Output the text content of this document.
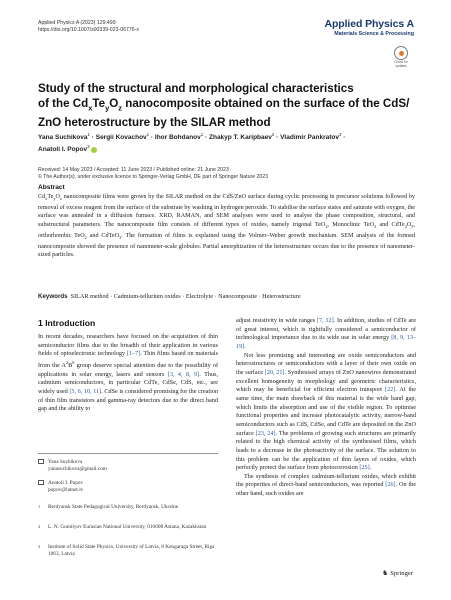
Applied Physics A (2023) 129:499
https://doi.org/10.1007/s00339-023-06776-x	Applied Physics A
Materials Science & Processing
Check for
updates
Study of the structural and morphological characteristics
of the $Cd_xTe_yO_z$ nanocomposite obtained on the surface of the CdS/
ZnO heterostructure by the SILAR method
Yana Suchikova$^1$ · Sergii Kovachov$^1$ · Ihor Bohdanov$^1$ · Zhakyp T. Karipbaev$^2$ · Vladimir Pankratov$^3$ ·
Anatoli I. Popov$^3$
Received: 14 May 2023 / Accepted: 11 June 2023 / Published online: 21 June 2023
© The Author(s), under exclusive licence to Springer-Verlag GmbH, DE part of Springer Nature 2023
Abstract
$Cd_xTe_yO_z$ nanocomposite films were grown by the SILAR method on the CdS/ZnO surface during cyclic processing in precursor solutions followed by removal of excess reagent from the surface of the substrate by washing in hydrogen peroxide. To stabilise the surface states and saturate with oxygen, the surface was annealed in a diffusion furnace. XRD, RAMAN, and SEM analyses were used to analyse the phase composition, structural, and substructural parameters. The nanocomposite film consists of different types of oxides, namely trigonal TeO$_2$, Monoclinic TeO$_3$ and $CdTe_2O_5$, orthorhombic TeO$_2$ and CdTeO$_3$. The formation of films is explained using the Volmer–Weber growth mechanism. SEM analysis of the formed nanocomposite showed the presence of nanometer-scale globules. Partial amorphization of the heterostructure occurs due to the presence of nanometer-sized particles.
Keywords SILAR method · Cadmium-tellurium oxides · Electrolyte · Nanocomposite · Heterostructure
1 Introduction

In recent decades, researchers have focused on the acquisition of thin semiconductor films due to the breadth of their application in various fields of optoelectronic technology [1–7]. Thin films based on materials from the $A^2B^6$ group deserve special attention due to the possibility of applications in solar energy, lasers and sensors [3, 4, 8, 9]. Thus, cadmium semiconductors, in particular CdTe, CdSe, CdS, etc., are widely used [5, 6, 10, 11]. CdSe is considered promising for the creation of thin film transistors and gamma-ray detectors due to the direct band gap and the ability to

Yana Suchikova
yanasuchikova@gmail.com
Anatoli I. Popov
popov@latnet.lv
1 Berdyansk State Pedagogical University, Berdyansk, Ukraine
2 L. N. Gumilyov Eurasian National University, 010008 Astana, Kazakhstan
3 Institute of Solid State Physics, University of Latvia, 8 Kengaraga Street, Riga 1063, Latvia

adjust resistivity in wide ranges [7, 12]. In addition, studies of CdTe are of great interest, which is rightfully considered a semiconductor of technological importance due to its wide use in solar energy [8, 9, 13–19].

Not less promising and interesting are oxide semiconductors and heterostructures or semiconductors with a layer of their own oxide on the surface [20, 21]. Synthesised arrays of ZnO nanowires demonstrated excellent homogeneity in morphology and geometric characteristics, which may be beneficial for efficient electron transport [22]. At the same time, the main drawback of this material is the wide band gap, which limits the absorption and use of the visible region. To optimise functional properties and increase photocatalytic activity, narrow-band semiconductors such as CdS, CdSe, and CdTe are deposited on the ZnO surface [23, 24]. The problems of growing such structures are primarily related to the high chemical activity of the synthesised films, which leads to a decrease in the photoactivity of the surface. The solution to this problem can be the application of thin layers of oxides, which perfectly protect the surface from photocorrosion [25].

The synthesis of complex cadmium-tellurium oxides, which exhibit the properties of direct-band semiconductors, was reported [26]. On the other hand, such oxides are

♞ Springer
